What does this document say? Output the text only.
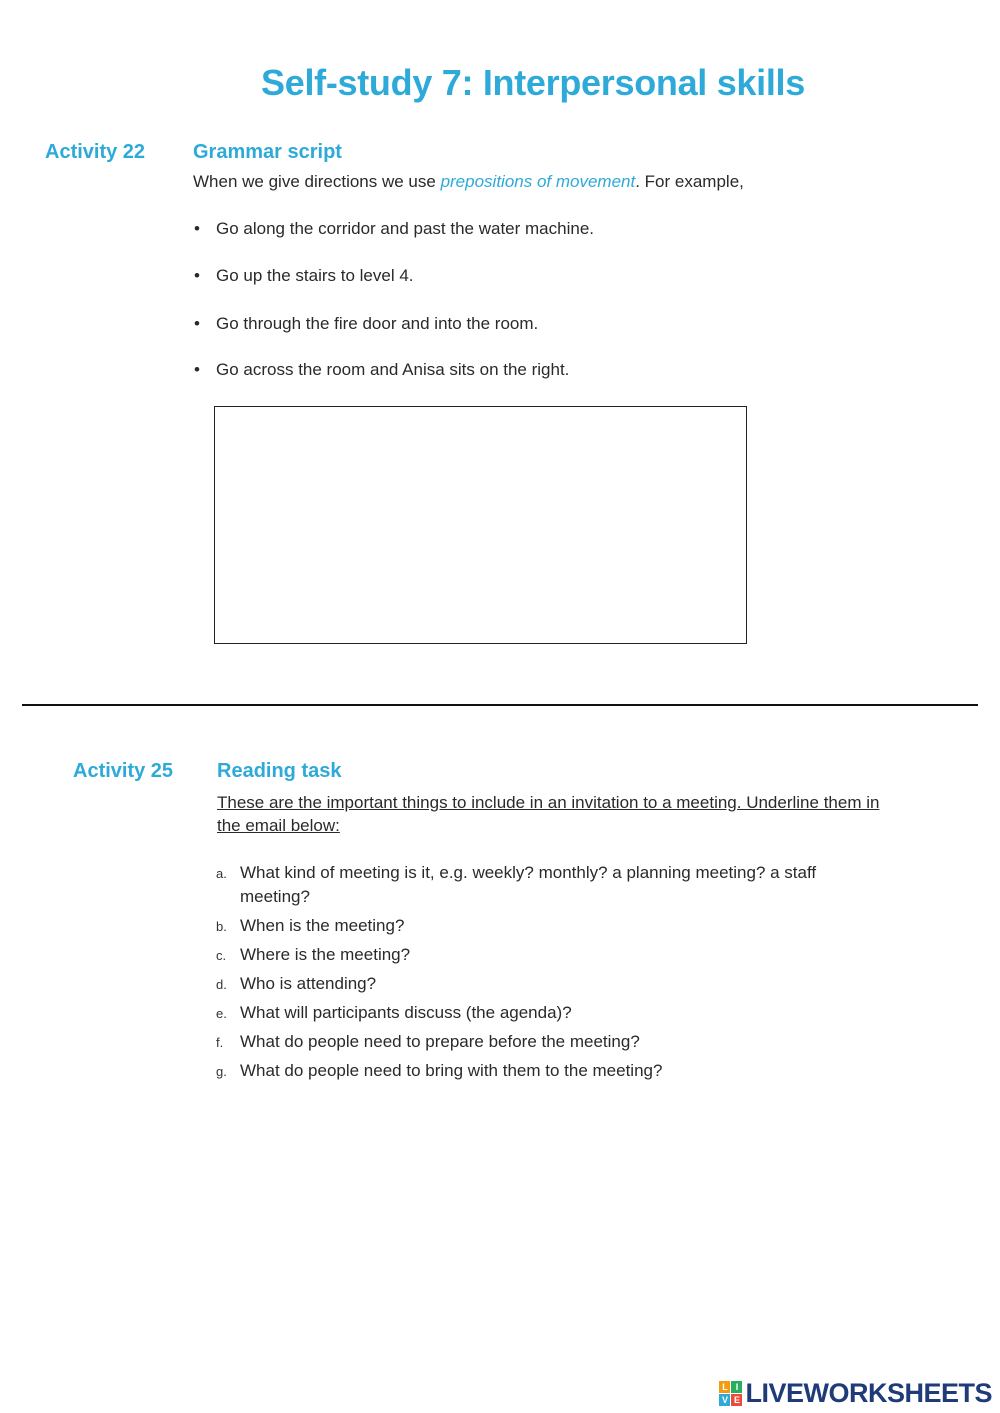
Self-study 7: Interpersonal skills
Activity 22 Grammar script
When we give directions we use prepositions of movement. For example,
• Go along the corridor and past the water machine.
• Go up the stairs to level 4.
• Go through the fire door and into the room.
• Go across the room and Anisa sits on the right.
Activity 25 Reading task
These are the important things to include in an invitation to a meeting. Underline them in the email below:
a. What kind of meeting is it, e.g. weekly? monthly? a planning meeting? a staff meeting?
b. When is the meeting?
c. Where is the meeting?
d. Who is attending?
e. What will participants discuss (the agenda)?
f. What do people need to prepare before the meeting?
g. What do people need to bring with them to the meeting?
L I
V E LIVEWORKSHEETS
